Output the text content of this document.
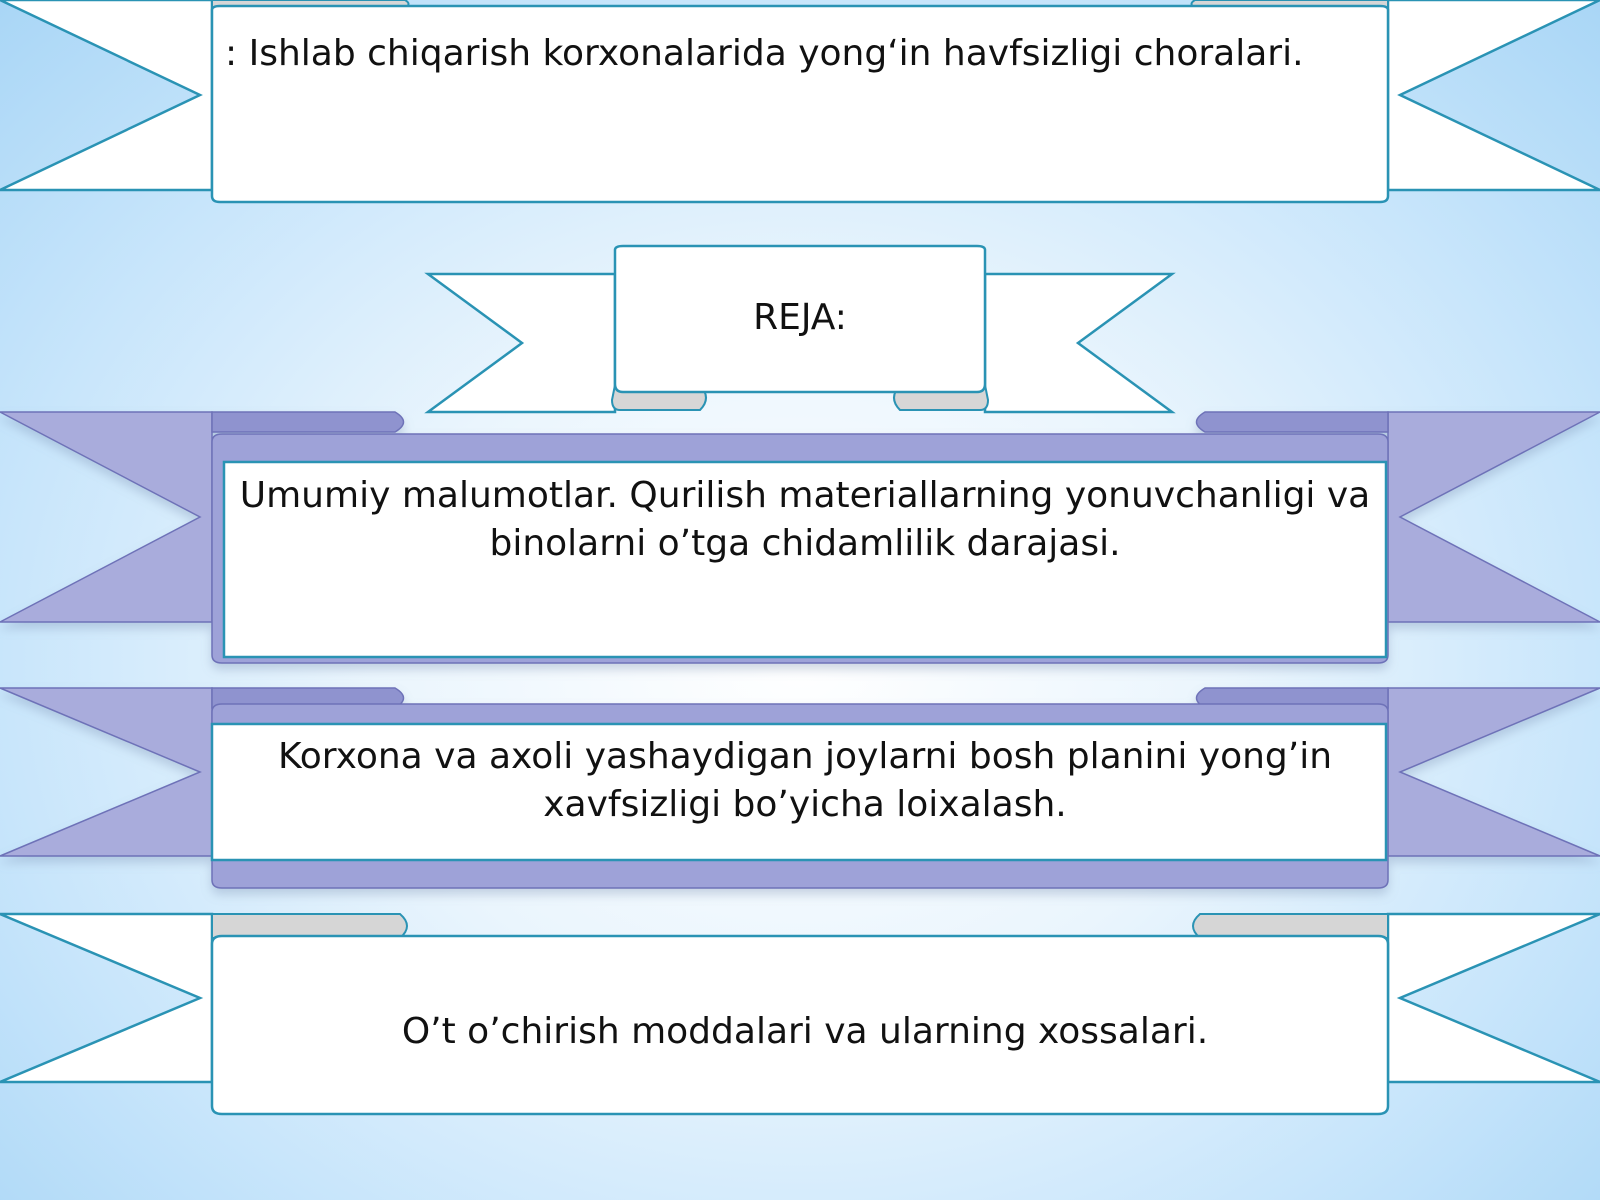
: Ishlab chiqarish korxonalarida yong‘in havfsizligi choralari.

REJA:

Umumiy malumotlar. Qurilish materiallarning yonuvchanligi va binolarni o’tga chidamlilik darajasi.

Korxona va axoli yashaydigan joylarni bosh planini yong’in xavfsizligi bo’yicha loixalash.

O’t o’chirish moddalari va ularning xossalari.
